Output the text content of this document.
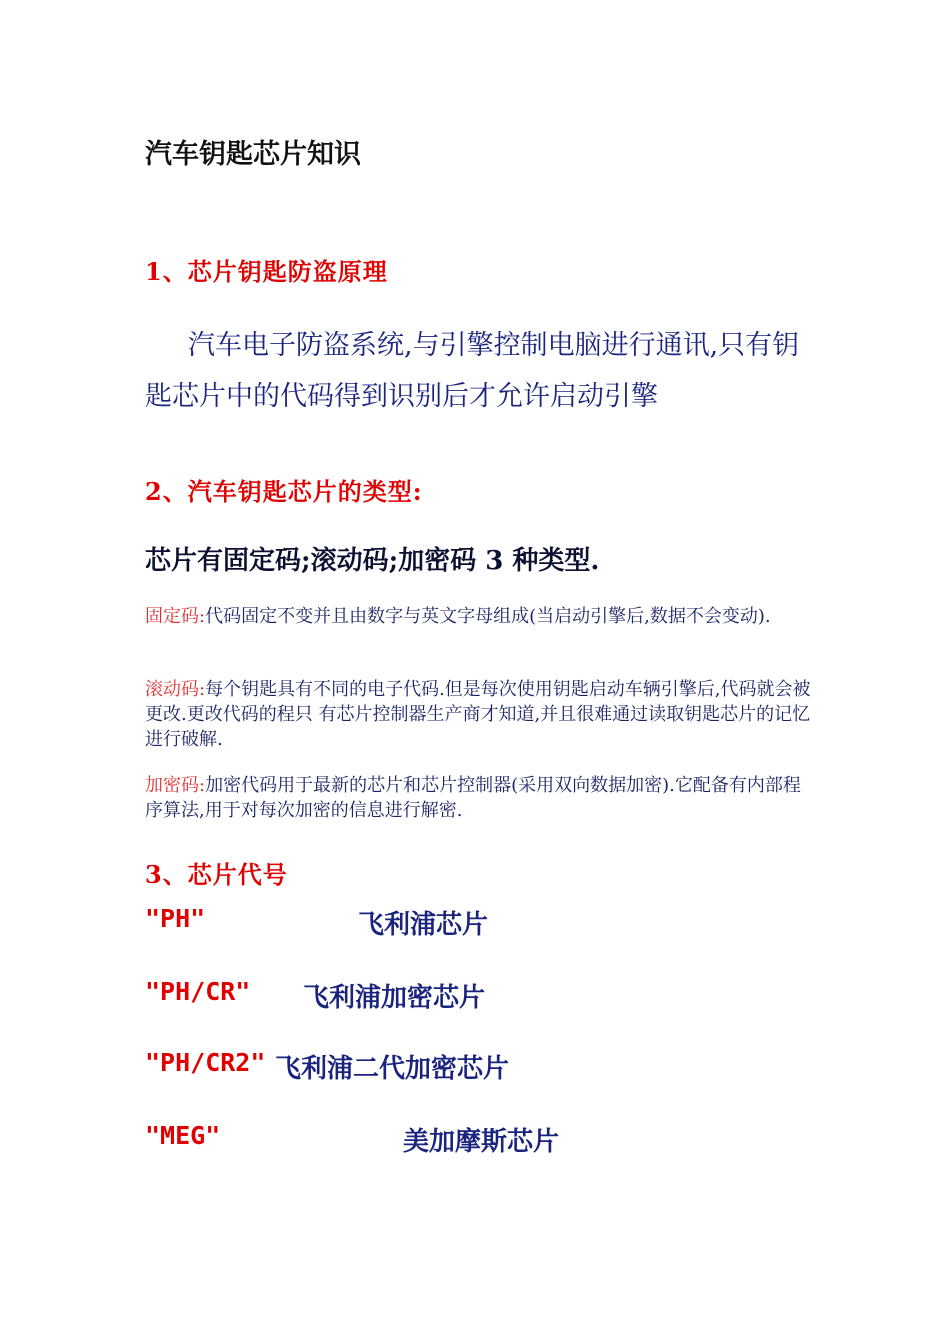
汽车钥匙芯片知识
1、芯片钥匙防盗原理
汽车电子防盗系统,与引擎控制电脑进行通讯,只有钥匙芯片中的代码得到识别后才允许启动引擎
2、汽车钥匙芯片的类型:
芯片有固定码;滚动码;加密码 3 种类型.
固定码:代码固定不变并且由数字与英文字母组成(当启动引擎后,数据不会变动).
滚动码:每个钥匙具有不同的电子代码.但是每次使用钥匙启动车辆引擎后,代码就会被更改.更改代码的程只 有芯片控制器生产商才知道,并且很难通过读取钥匙芯片的记忆进行破解.
加密码:加密代码用于最新的芯片和芯片控制器(采用双向数据加密).它配备有内部程序算法,用于对每次加密的信息进行解密.
3、芯片代号
"PH"	飞利浦芯片
"PH/CR" 飞利浦加密芯片
"PH/CR2" 飞利浦二代加密芯片
"MEG"	美加摩斯芯片
